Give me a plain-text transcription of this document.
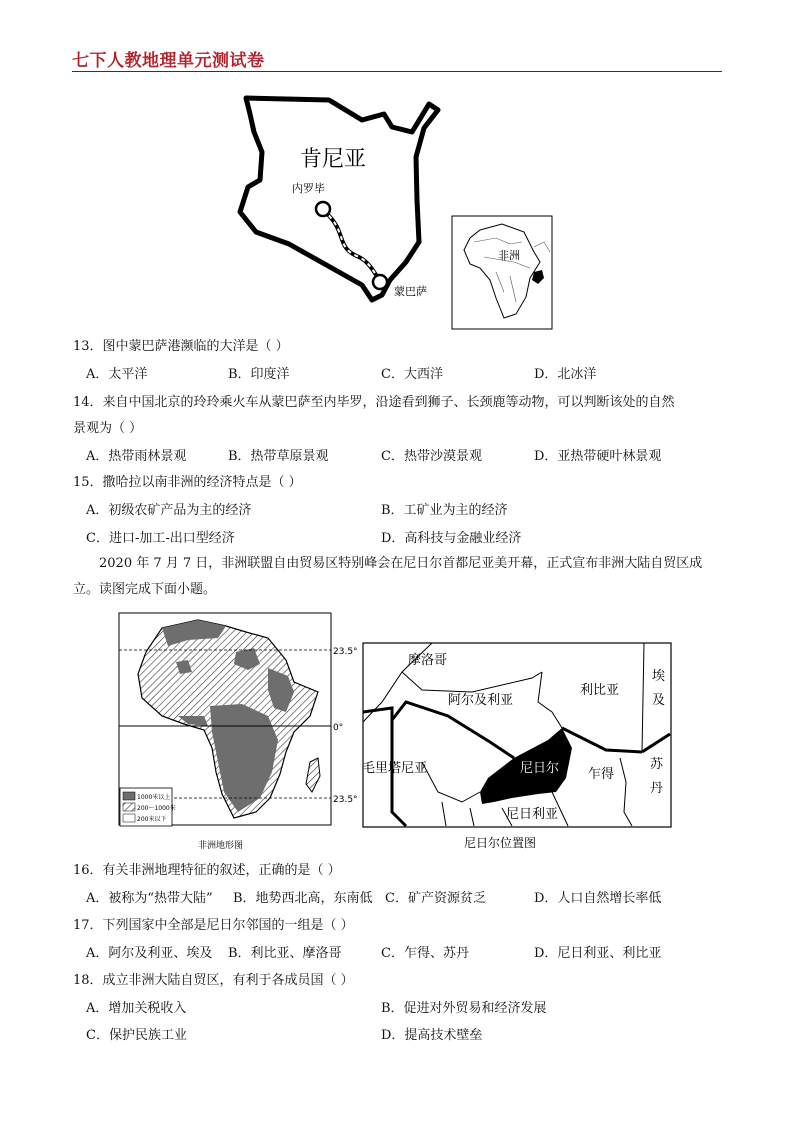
七下人教地理单元测试卷
肯尼亚
内罗毕
蒙巴萨
非洲
13．图中蒙巴萨港濒临的大洋是（ ）
A．太平洋	B．印度洋	C．大西洋	D．北冰洋
14．来自中国北京的玲玲乘火车从蒙巴萨至内毕罗，沿途看到狮子、长颈鹿等动物，可以判断该处的自然
景观为（ ）
A．热带雨林景观	B．热带草原景观	C．热带沙漠景观	D．亚热带硬叶林景观
15．撒哈拉以南非洲的经济特点是（ ）
A．初级农矿产品为主的经济	B．工矿业为主的经济
C．进口-加工-出口型经济	D．高科技与金融业经济
2020 年 7 月 7 日，非洲联盟自由贸易区特别峰会在尼日尔首都尼亚美开幕，正式宣布非洲大陆自贸区成立。读图完成下面小题。
23.5°
0°
23.5°
1000米以上
200～1000米
200米以下
非洲地形图
摩洛哥
阿尔及利亚
利比亚
埃
及
毛里塔尼亚	尼日尔 乍得
苏
丹
尼日利亚
尼日尔位置图
16．有关非洲地理特征的叙述，正确的是（ ）
A．被称为“热带大陆” B．地势西北高，东南低 C．矿产资源贫乏	D．人口自然增长率低
17．下列国家中全部是尼日尔邻国的一组是（ ）
A．阿尔及利亚、埃及 B．利比亚、摩洛哥	C．乍得、苏丹	D．尼日利亚、利比亚
18．成立非洲大陆自贸区，有利于各成员国（ ）
A．增加关税收入	B．促进对外贸易和经济发展
C．保护民族工业	D．提高技术壁垒
